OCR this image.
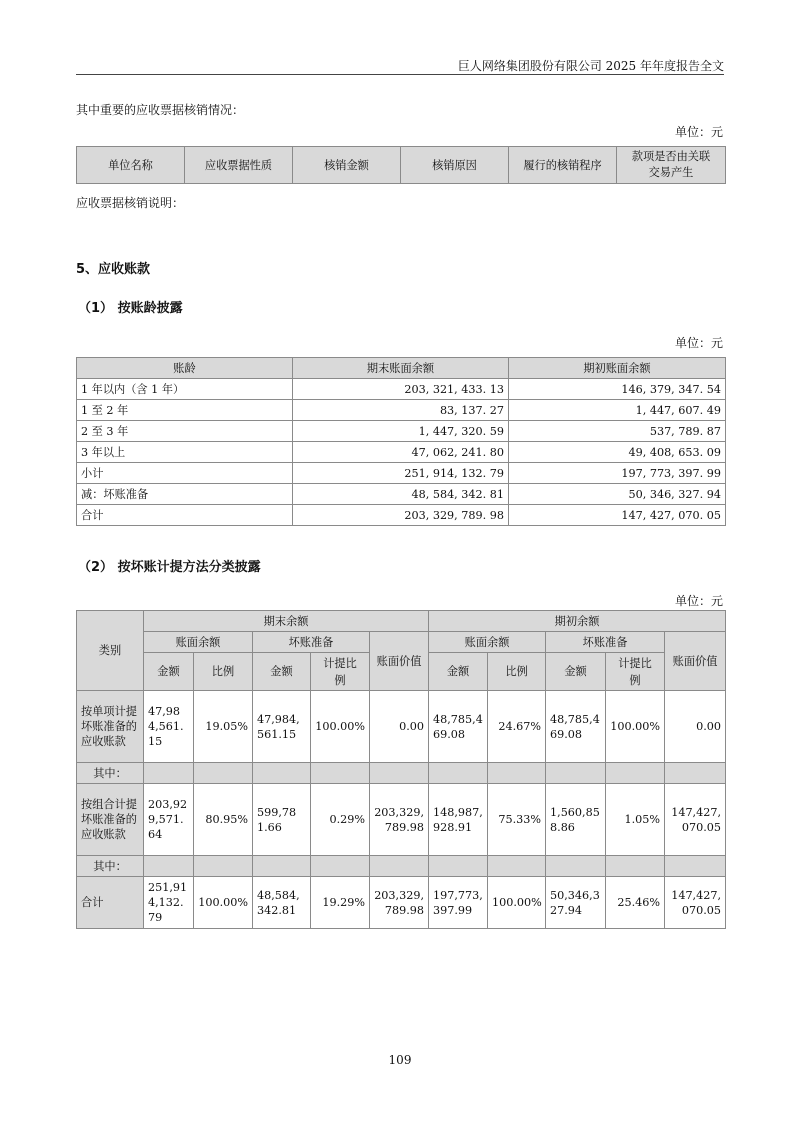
巨人网络集团股份有限公司 2025 年年度报告全文
其中重要的应收票据核销情况：
单位：元
单位名称	应收票据性质	核销金额	核销原因	履行的核销程序	款项是否由关联交易产生
应收票据核销说明：
5、应收账款
（1） 按账龄披露
单位：元
账龄	期末账面余额	期初账面余额
1 年以内（含 1 年）	203, 321, 433. 13	146, 379, 347. 54
1 至 2 年	83, 137. 27	1, 447, 607. 49
2 至 3 年	1, 447, 320. 59	537, 789. 87
3 年以上	47, 062, 241. 80	49, 408, 653. 09
小计	251, 914, 132. 79	197, 773, 397. 99
减：坏账准备	48, 584, 342. 81	50, 346, 327. 94
合计	203, 329, 789. 98	147, 427, 070. 05
（2） 按坏账计提方法分类披露
单位：元
类别	期末余额					期初余额				
	账面余额		坏账准备		账面价值	账面余额		坏账准备		账面价值
	金额	比例	金额	计提比例		金额	比例	金额	计提比例	
按单项计提坏账准备的应收账款	47,984,561.15	19.05%	47,984,561.15	100.00%	0.00	48,785,469.08	24.67%	48,785,469.08	100.00%	0.00
其中：										
按组合计提坏账准备的应收账款	203,929,571.64	80.95%	599,781.66	0.29%	203,329,789.98	148,987,928.91	75.33%	1,560,858.86	1.05%	147,427,070.05
其中：										
合计	251,914,132.79	100.00%	48,584,342.81	19.29%	203,329,789.98	197,773,397.99	100.00%	50,346,327.94	25.46%	147,427,070.05
109
